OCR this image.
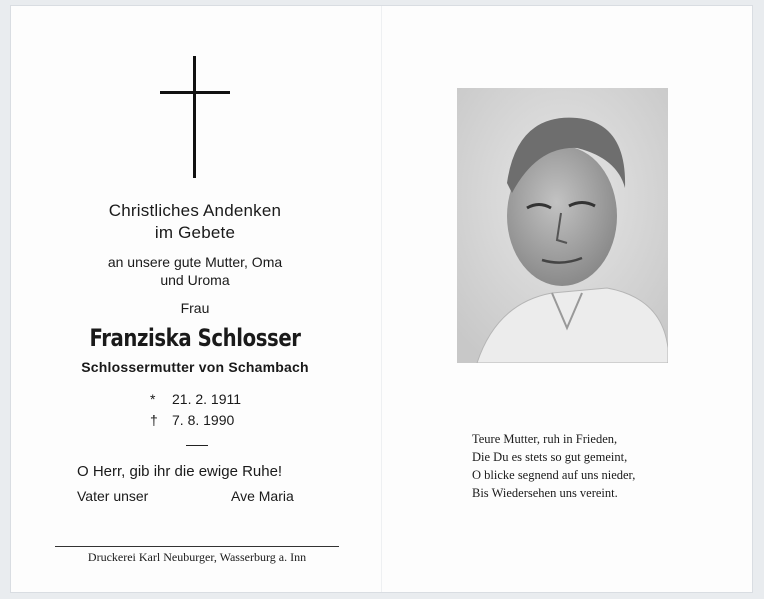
Christliches Andenken
im Gebete
an unsere gute Mutter, Oma
und Uroma
Frau
Franziska Schlosser
Schlossermutter von Schambach
* 21. 2. 1911
† 7. 8. 1990
O Herr, gib ihr die ewige Ruhe!
Vater unser	Ave Maria
Druckerei Karl Neuburger, Wasserburg a. Inn
Teure Mutter, ruh in Frieden,
Die Du es stets so gut gemeint,
O blicke segnend auf uns nieder,
Bis Wiedersehen uns vereint.
